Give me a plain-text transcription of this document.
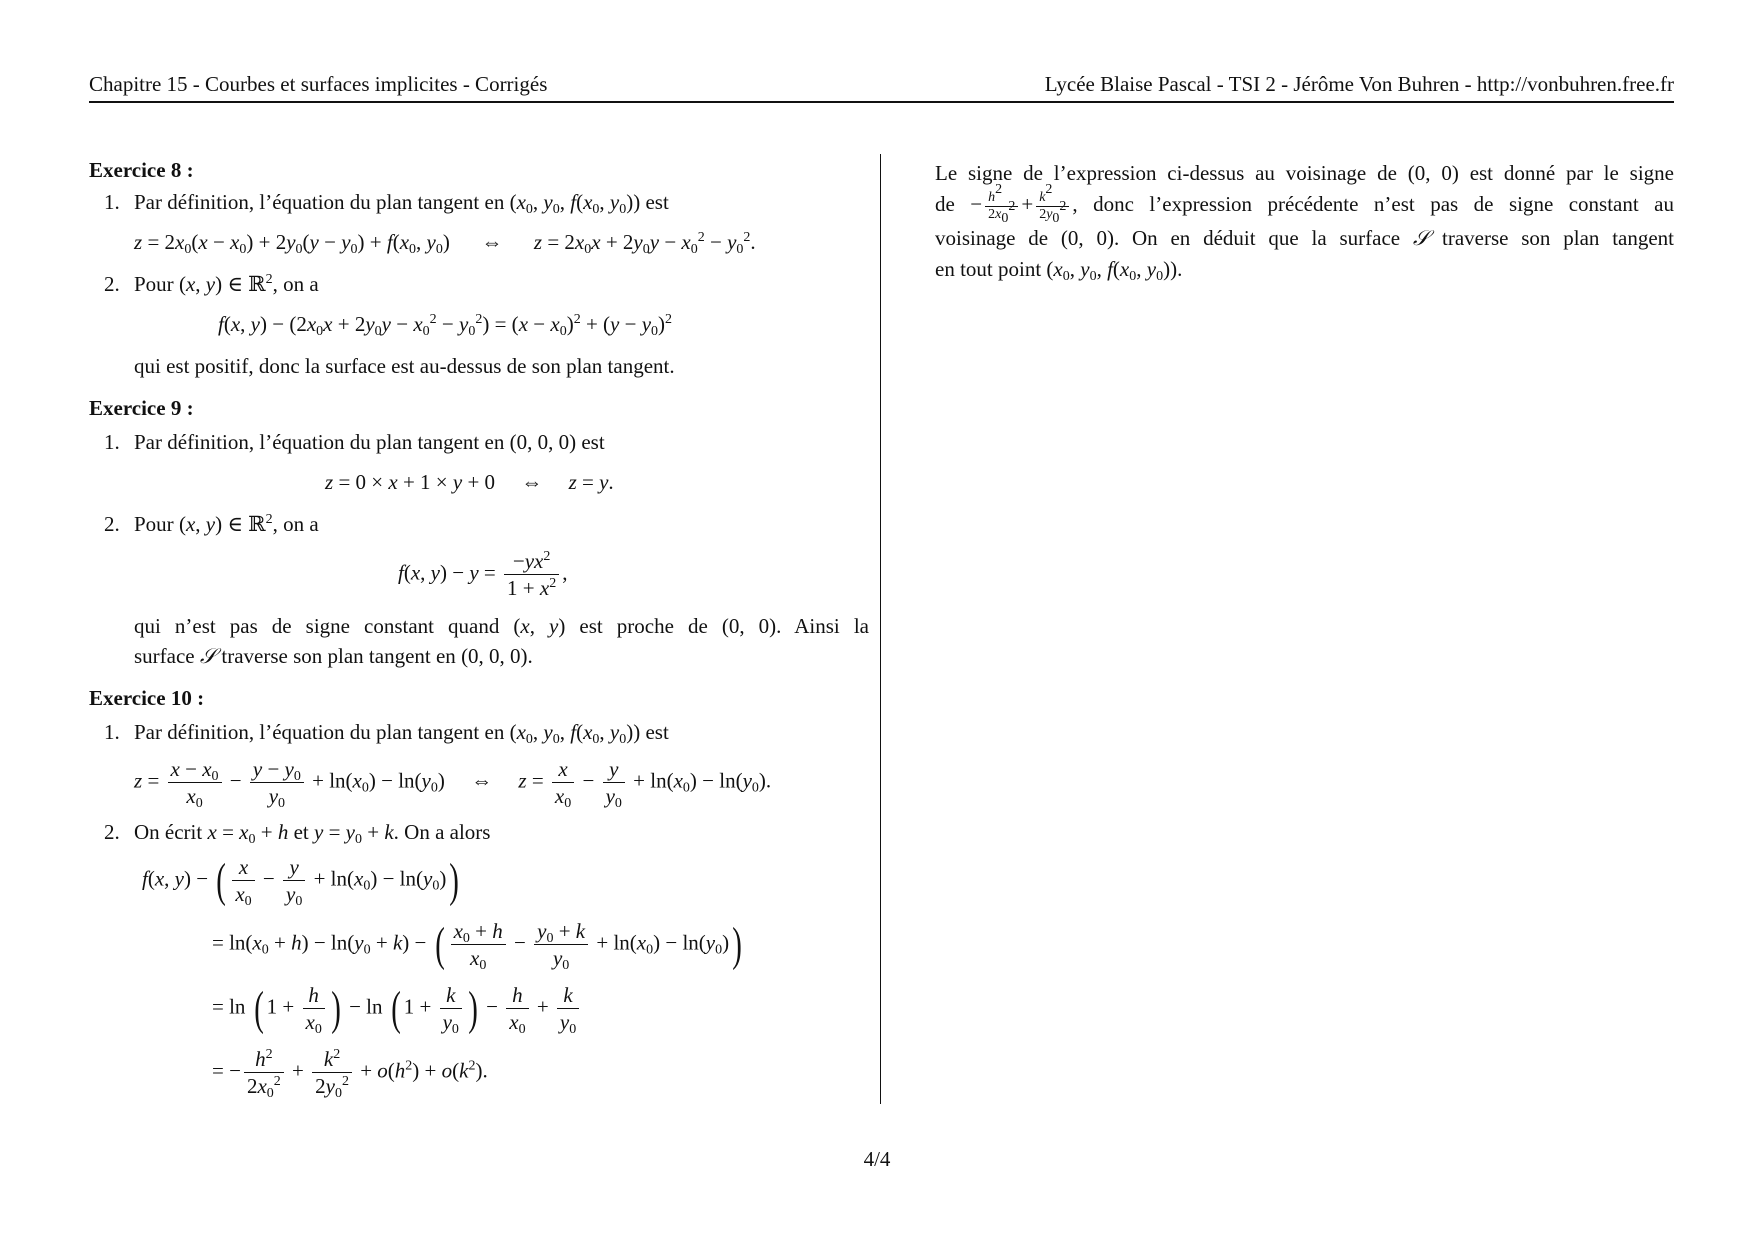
Chapitre 15 - Courbes et surfaces implicites - Corrigés	Lycée Blaise Pascal - TSI 2 - Jérôme Von Buhren - http://vonbuhren.free.fr
Exercice 8 :
1. Par définition, l’équation du plan tangent en ($x_0$, $y_0$, $f(x_0$, $y_0$)) est
$z = 2x_0(x - x_0) + 2y_0(y - y_0) + f(x_0$, $y_0$)      ⇔      $z = 2x_0x + 2y_0y - x_0^2 - y_0^2$.
2. Pour (x, y) ∈ ℝ$^2$, on a
f(x, $y) - (2x_0x + 2y_0y - x_0^2 - y_0^2) = (x - x_0)^2 + (y - y_0)^2$
qui est positif, donc la surface est au-dessus de son plan tangent.
Exercice 9 :
1. Par définition, l’équation du plan tangent en (0, 0, 0) est
z = 0 × x + 1 × y + 0     ⇔     z = y.
2. Pour (x, y) ∈ ℝ$^2$, on a
f(x, $y) - y = \frac{-yx^2}{1 + x^2}$ ,
qui n’est pas de signe constant quand (x, y) est proche de (0, 0). Ainsi la
surface 𝒮 traverse son plan tangent en (0, 0, 0).
Exercice 10 :
1. Par définition, l’équation du plan tangent en ($x_0$, $y_0$, $f(x_0$, $y_0$)) est
$z = \frac{x - x_0}{x_0} - \frac{y - y_0}{y_0} + \ln(x_0) - \ln(y_0)$     ⇔     $z = \frac{x}{x_0} - \frac{y}{y_0} + \ln(x_0) - \ln(y_0)$.
2. On écrit $x = x_0 + h$ et $y = y_0 + k$. On a alors
f(x, y) − ( $\frac{x}{x_0} - \frac{y}{y_0} + \ln(x_0) - \ln(y_0)$)
= $\ln(x_0 + h) - \ln(y_0 + k)$ − ( $\frac{x_0 + h}{x_0} - \frac{y_0 + k}{y_0} + \ln(x_0) - \ln(y_0)$)
= ln ( $1 + \frac{h}{x_0}$ ) − ln ( $1 + \frac{k}{y_0}$ ) − $\frac{h}{x_0} + \frac{k}{y_0}$
= − $\frac{h^2}{2x_0^2} + \frac{k^2}{2y_0^2} + o(h^2) + o(k^2)$.

Le signe de l’expression ci-dessus au voisinage de (0, 0) est donné par le signe

de − $\frac{h^2}{2x_0^2} + \frac{k^2}{2y_0^2}$ , donc l’expression précédente n’est pas de signe constant au

voisinage de (0, 0). On en déduit que la surface 𝒮 traverse son plan tangent

en tout point ($x_0$, $y_0$, $f(x_0$, $y_0$)).

4/4
